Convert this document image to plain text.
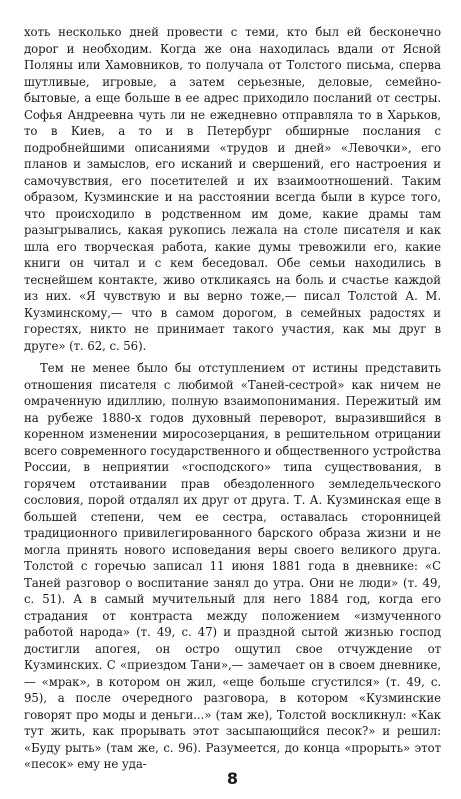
хоть несколько дней провести с теми, кто был ей бесконечно дорог и необходим. Когда же она находилась вдали от Ясной Поляны или Хамовников, то получала от Толстого письма, сперва шутливые, игровые, а затем серьезные, деловые, семейно-бытовые, а еще больше в ее адрес приходило посланий от сестры. Софья Андреевна чуть ли не ежедневно отправляла то в Харьков, то в Киев, а то и в Петербург обширные послания с подробнейшими описаниями «трудов и дней» «Левочки», его планов и замыслов, его исканий и свершений, его настроения и самочувствия, его посетителей и их взаимоотношений. Таким образом, Кузминские и на расстоянии всегда были в курсе того, что происходило в родственном им доме, какие драмы там разыгрывались, какая рукопись лежала на столе писателя и как шла его творческая работа, какие думы тревожили его, какие книги он читал и с кем беседовал. Обе семьи находились в теснейшем контакте, живо откликаясь на боль и счастье каждой из них. «Я чувствую и вы верно тоже,— писал Толстой А. М. Кузминскому,— что в самом дорогом, в семейных радостях и горестях, никто не принимает такого участия, как мы друг в друге» (т. 62, с. 56).

Тем не менее было бы отступлением от истины представить отношения писателя с любимой «Таней-сестрой» как ничем не омраченную идиллию, полную взаимопонимания. Пережитый им на рубеже 1880-х годов духовный переворот, выразившийся в коренном изменении миросозерцания, в решительном отрицании всего современного государственного и общественного устройства России, в неприятии «господского» типа существования, в горячем отстаивании прав обездоленного земледельческого сословия, порой отдалял их друг от друга. Т. А. Кузминская еще в большей степени, чем ее сестра, оставалась сторонницей традиционного привилегированного барского образа жизни и не могла принять нового исповедания веры своего великого друга. Толстой с горечью записал 11 июня 1881 года в дневнике: «С Таней разговор о воспитание занял до утра. Они не люди» (т. 49, с. 51). А в самый мучительный для него 1884 год, когда его страдания от контраста между положением «измученного работой народа» (т. 49, с. 47) и праздной сытой жизнью господ достигли апогея, он остро ощутил свое отчуждение от Кузминских. С «приездом Тани»,— замечает он в своем дневнике,— «мрак», в котором он жил, «еще больше сгустился» (т. 49, с. 95), а после очередного разговора, в котором «Кузминские говорят про моды и деньги...» (там же), Толстой воскликнул: «Как тут жить, как прорывать этот засыпающийся песок?» и решил: «Буду рыть» (там же, с. 96). Разумеется, до конца «прорыть» этот «песок» ему не уда-

8
